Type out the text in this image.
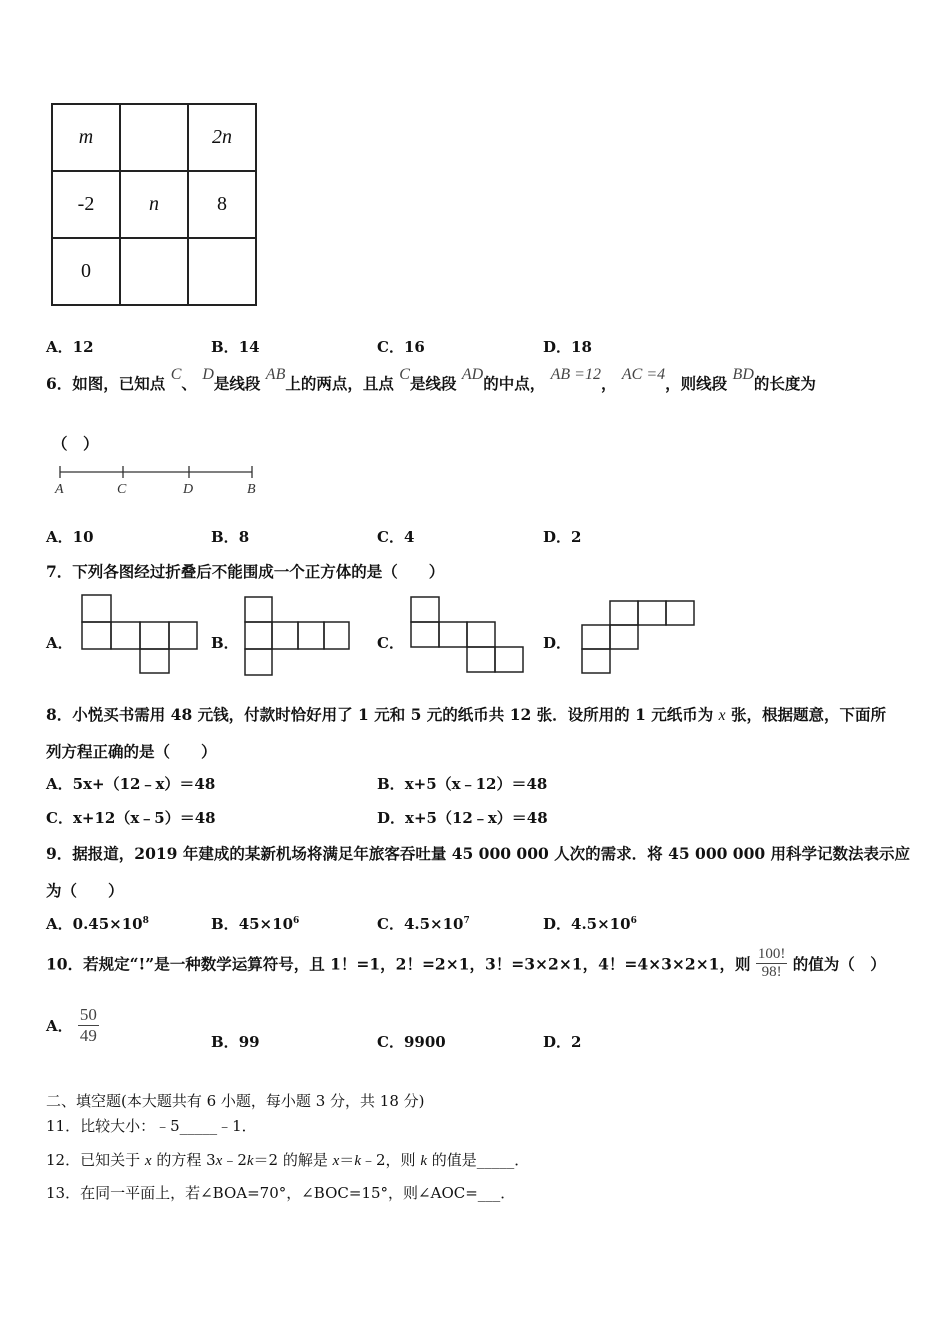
m		2n
-2	n	8
0		
A．12	B．14	C．16	D．18
6．如图，已知点 C、 D是线段 AB上的两点，且点 C是线段 AD的中点， AB =12， AC =4，则线段 BD的长度为
（　）
A	C	D	B
A．10	B．8	C．4	D．2
7．下列各图经过折叠后不能围成一个正方体的是（　　）
A．	B．	C．	D．
8．小悦买书需用 48 元钱，付款时恰好用了 1 元和 5 元的纸币共 12 张．设所用的 1 元纸币为 x 张，根据题意，下面所
列方程正确的是（　　）
A．5x+（12﹣x）＝48	B．x+5（x﹣12）＝48
C．x+12（x﹣5）＝48	D．x+5（12﹣x）＝48
9．据报道，2019 年建成的某新机场将满足年旅客吞吐量 45 000 000 人次的需求．将 45 000 000 用科学记数法表示应
为（　　）
A．$0.45\times 10^8$	B．$45\times 10^6$	C．$4.5\times 10^7$	D．$4.5\times 10^6$
10．若规定“!”是一种数学运算符号，且 1！=1，2！=2×1，3！=3×2×1，4！=4×3×2×1，则 $\frac{100!}{98!}$ 的值为（　）
A． $\frac{50}{49}$	B．99	C．9900	D．2
二、填空题(本大题共有 6 小题，每小题 3 分，共 18 分)
11．比较大小：﹣5_____﹣1．
12．已知关于 x 的方程 3x﹣2k＝2 的解是 x＝k﹣2，则 k 的值是_____．
13．在同一平面上，若∠BOA=70°，∠BOC=15°，则∠AOC=___．
